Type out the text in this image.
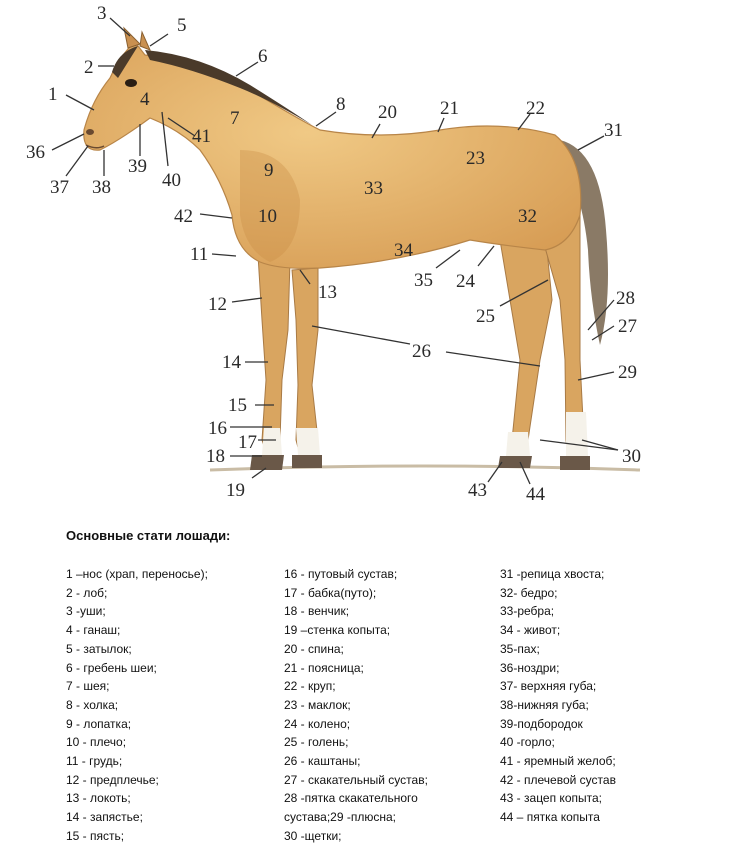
1
2
3
4
5
6
7
8
9
10
11
12
13
14
15
16
17
18
19
20 21	22
23
24
25
26
27
28
29
30
31
32
33
34
35
36
37 38
39
40
41
42
43 44
Основные стати лошади:
1 –нос (храп, переносье);
2 - лоб;
3 -уши;
4 - ганаш;
5 - затылок;
6 - гребень шеи;
7 - шея;
8 - холка;
9 - лопатка;
10 - плечо;
11 - грудь;
12 - предплечье;
13 - локоть;
14 - запястье;
15 - пясть;
16 - путовый сустав;
17 - бабка(путо);
18 - венчик;
19 –стенка копыта;
20 - спина;
21 - поясница;
22 - круп;
23 - маклок;
24 - колено;
25 - голень;
26 - каштаны;
27 - скакательный сустав;
28 -пятка скакательного
сустава;29 -плюсна;
30 -щетки;
31 -репица хвоста;
32- бедро;
33-ребра;
34 - живот;
35-пах;
36-ноздри;
37- верхняя губа;
38-нижняя губа;
39-подбородок
40 -горло;
41 - яремный желоб;
42 - плечевой сустав
43 - зацеп копыта;
44 – пятка копыта
